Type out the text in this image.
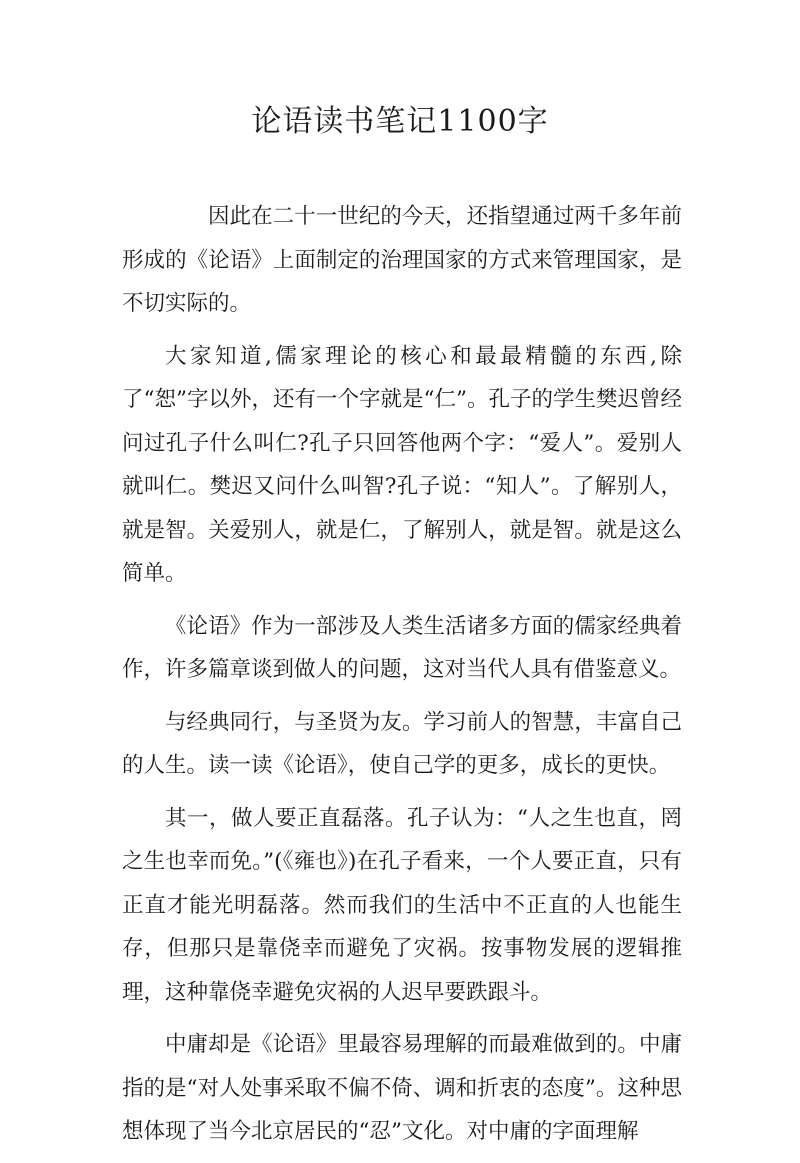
论语读书笔记1100字

因此在二十一世纪的今天，还指望通过两千多年前形成的《论语》上面制定的治理国家的方式来管理国家，是不切实际的。

大家知道,儒家理论的核心和最最精髓的东西,除了“恕”字以外，还有一个字就是“仁”。孔子的学生樊迟曾经问过孔子什么叫仁?孔子只回答他两个字：“爱人”。爱别人就叫仁。樊迟又问什么叫智?孔子说：“知人”。了解别人，就是智。关爱别人，就是仁，了解别人，就是智。就是这么简单。

《论语》作为一部涉及人类生活诸多方面的儒家经典着作，许多篇章谈到做人的问题，这对当代人具有借鉴意义。

与经典同行，与圣贤为友。学习前人的智慧，丰富自己的人生。读一读《论语》，使自己学的更多，成长的更快。

其一，做人要正直磊落。孔子认为：“人之生也直，罔之生也幸而免。”(《雍也》)在孔子看来，一个人要正直，只有正直才能光明磊落。然而我们的生活中不正直的人也能生存，但那只是靠侥幸而避免了灾祸。按事物发展的逻辑推理，这种靠侥幸避免灾祸的人迟早要跌跟斗。

中庸却是《论语》里最容易理解的而最难做到的。中庸指的是“对人处事采取不偏不倚、调和折衷的态度”。这种思想体现了当今北京居民的“忍”文化。对中庸的字面理解
